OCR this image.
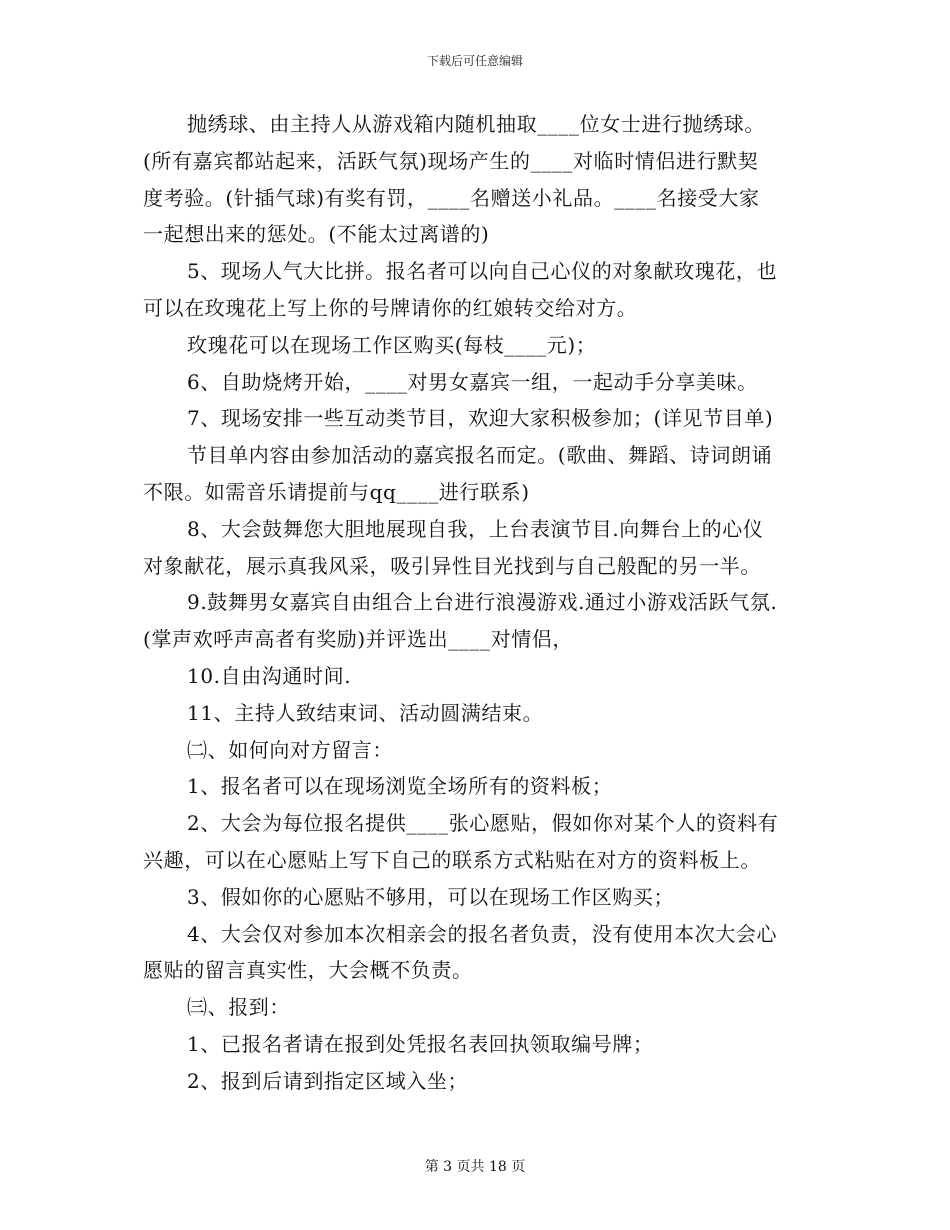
下载后可任意编辑
抛绣球、由主持人从游戏箱内随机抽取____位女士进行抛绣球。
(所有嘉宾都站起来，活跃气氛)现场产生的____对临时情侣进行默契
度考验。(针插气球)有奖有罚，____名赠送小礼品。____名接受大家
一起想出来的惩处。(不能太过离谱的)
5、现场人气大比拼。报名者可以向自己心仪的对象献玫瑰花，也
可以在玫瑰花上写上你的号牌请你的红娘转交给对方。
玫瑰花可以在现场工作区购买(每枝____元)；
6、自助烧烤开始，____对男女嘉宾一组，一起动手分享美味。
7、现场安排一些互动类节目，欢迎大家积极参加；(详见节目单)
节目单内容由参加活动的嘉宾报名而定。(歌曲、舞蹈、诗词朗诵
不限。如需音乐请提前与qq____进行联系)
8、大会鼓舞您大胆地展现自我，上台表演节目.向舞台上的心仪
对象献花，展示真我风采，吸引异性目光找到与自己般配的另一半。
9.鼓舞男女嘉宾自由组合上台进行浪漫游戏.通过小游戏活跃气氛.
(掌声欢呼声高者有奖励)并评选出____对情侣，
10.自由沟通时间.
11、主持人致结束词、活动圆满结束。
㈡、如何向对方留言：
1、报名者可以在现场浏览全场所有的资料板；
2、大会为每位报名提供____张心愿贴，假如你对某个人的资料有
兴趣，可以在心愿贴上写下自己的联系方式粘贴在对方的资料板上。
3、假如你的心愿贴不够用，可以在现场工作区购买；
4、大会仅对参加本次相亲会的报名者负责，没有使用本次大会心
愿贴的留言真实性，大会概不负责。
㈢、报到：
1、已报名者请在报到处凭报名表回执领取编号牌；
2、报到后请到指定区域入坐；
第 3 页共 18 页
